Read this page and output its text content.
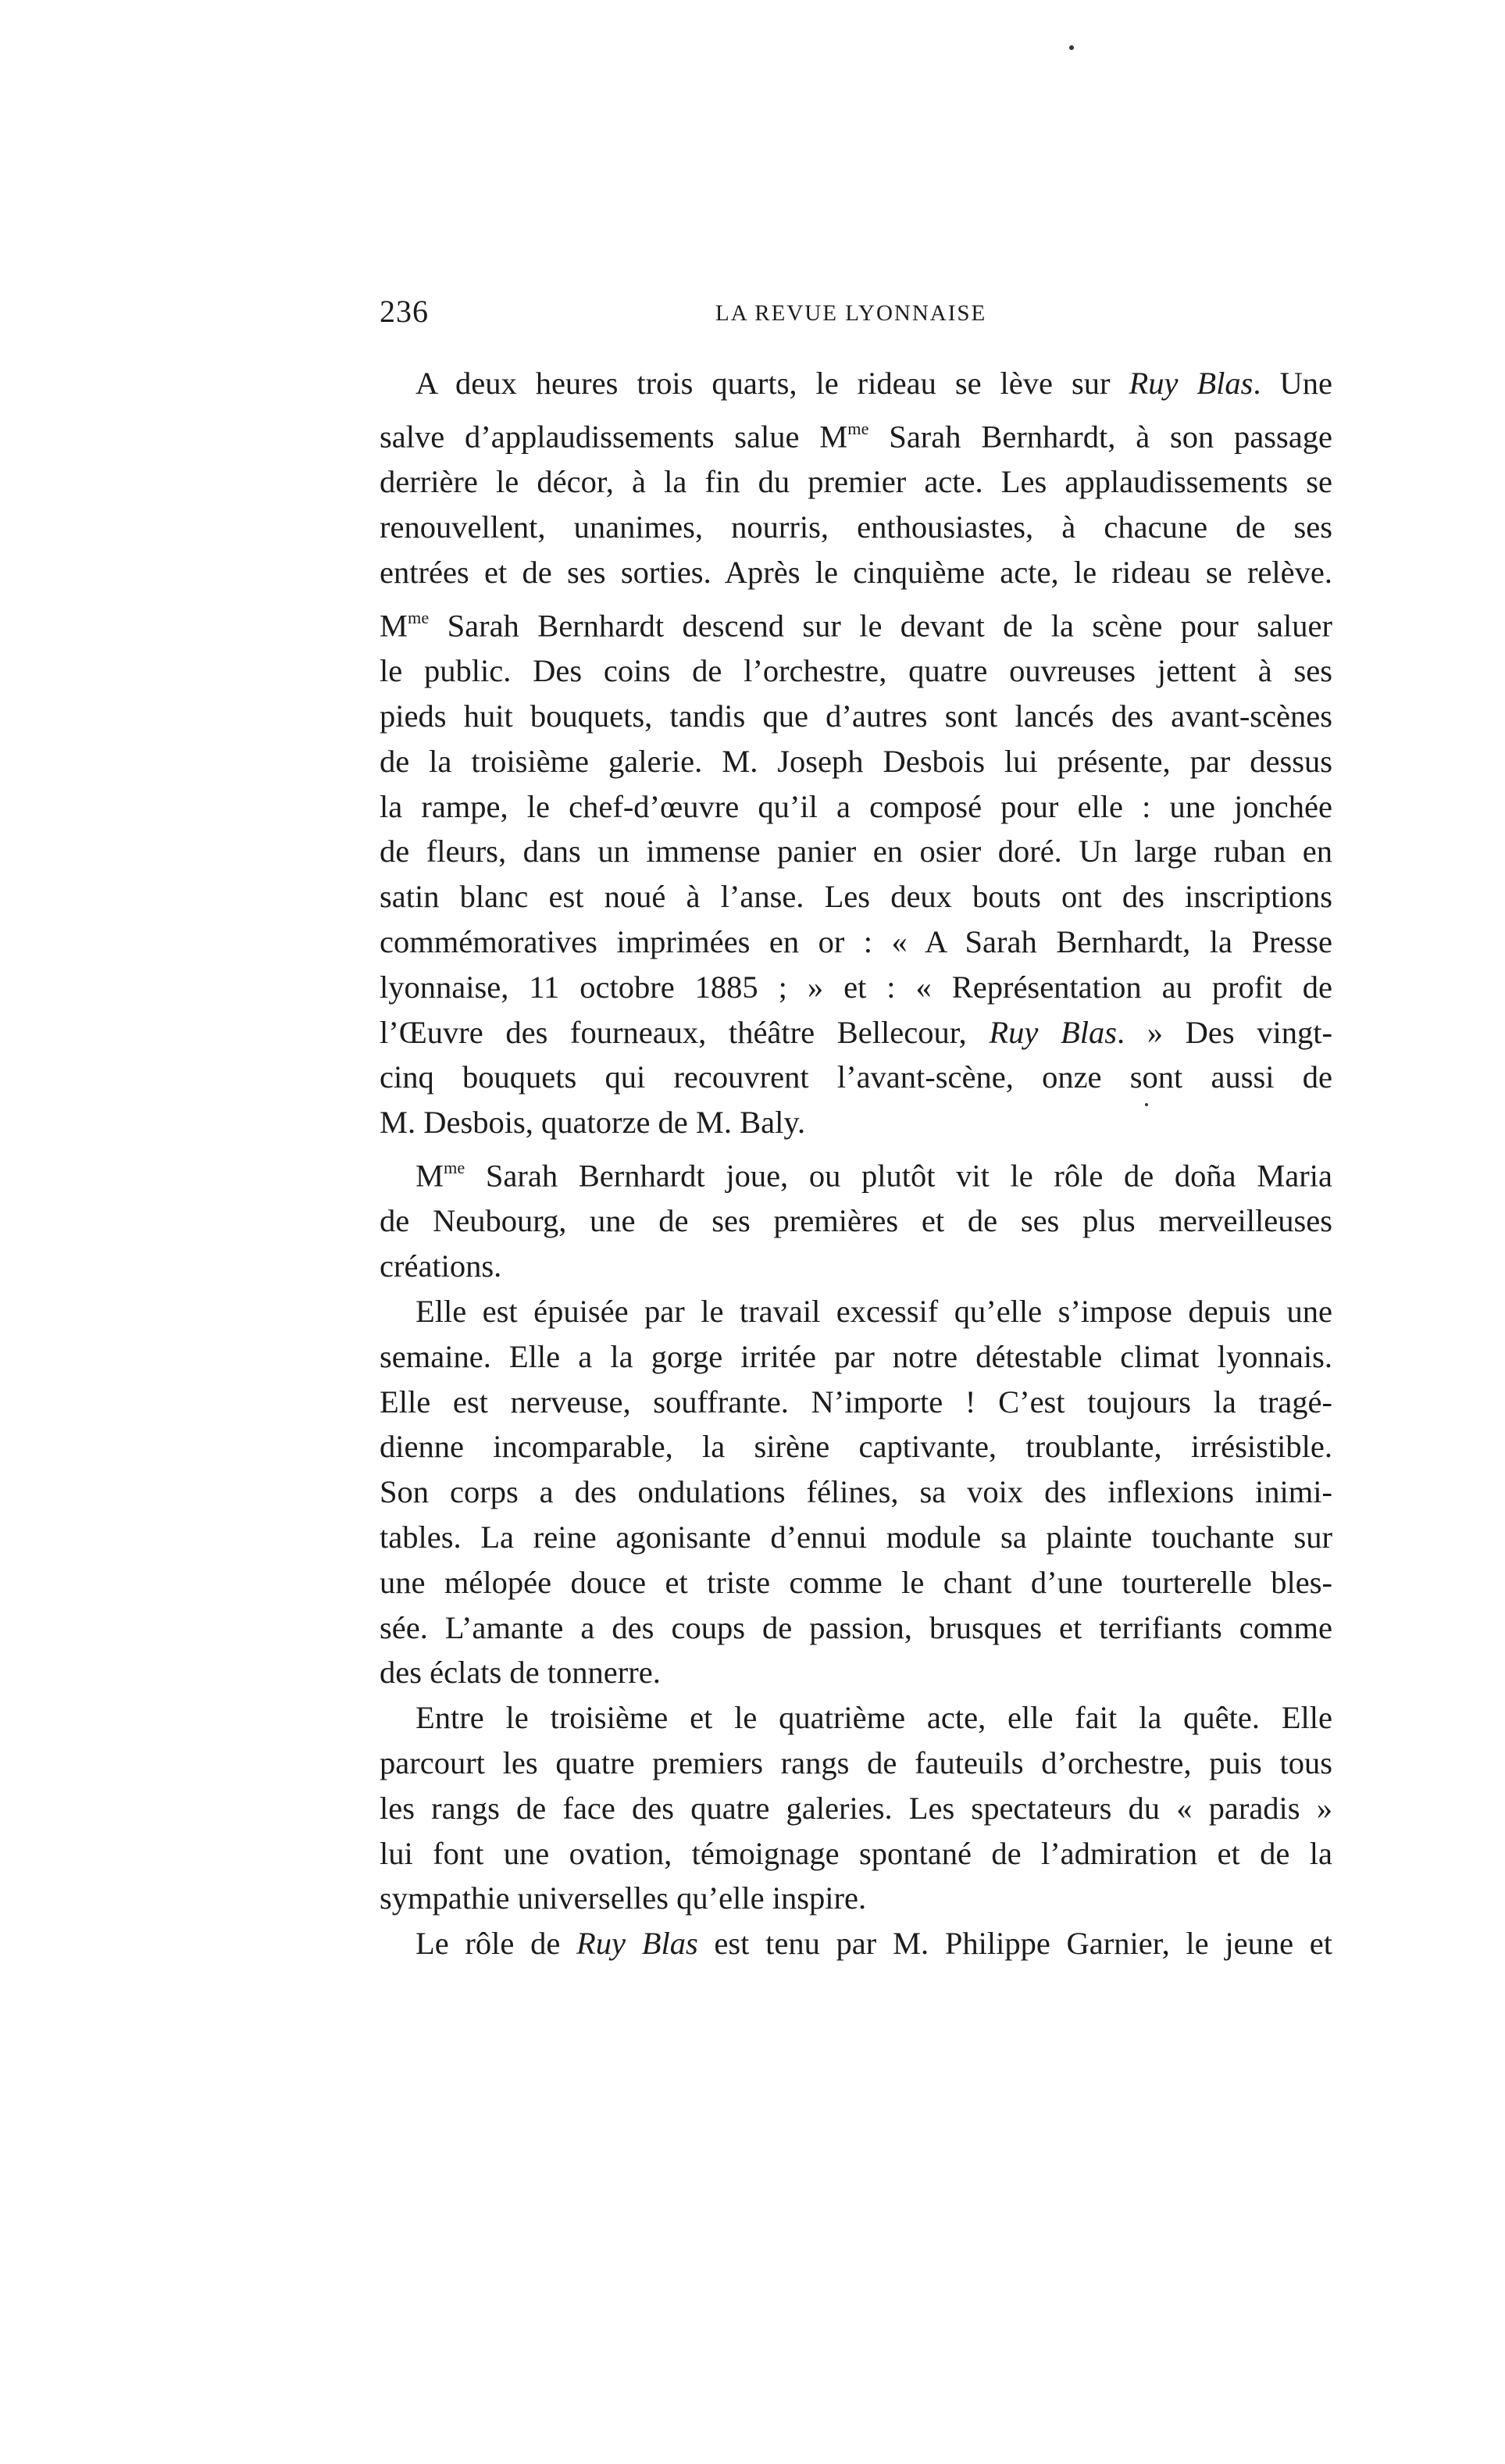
236	LA REVUE LYONNAISE
A deux heures trois quarts, le rideau se lève sur Ruy Blas. Une
salve d’applaudissements salue $M^{me}$ Sarah Bernhardt, à son passage
derrière le décor, à la fin du premier acte. Les applaudissements se
renouvellent, unanimes, nourris, enthousiastes, à chacune de ses
entrées et de ses sorties. Après le cinquième acte, le rideau se relève.
$M^{me}$ Sarah Bernhardt descend sur le devant de la scène pour saluer
le public. Des coins de l’orchestre, quatre ouvreuses jettent à ses
pieds huit bouquets, tandis que d’autres sont lancés des avant-scènes
de la troisième galerie. M. Joseph Desbois lui présente, par dessus
la rampe, le chef-d’œuvre qu’il a composé pour elle : une jonchée
de fleurs, dans un immense panier en osier doré. Un large ruban en
satin blanc est noué à l’anse. Les deux bouts ont des inscriptions
commémoratives imprimées en or : « A Sarah Bernhardt, la Presse
lyonnaise, 11 octobre 1885 ; » et : « Représentation au profit de
l’Œuvre des fourneaux, théâtre Bellecour, Ruy Blas. » Des vingt-
cinq bouquets qui recouvrent l’avant-scène, onze sont aussi de
M. Desbois, quatorze de M. Baly.
$M^{me}$ Sarah Bernhardt joue, ou plutôt vit le rôle de doña Maria
de Neubourg, une de ses premières et de ses plus merveilleuses
créations.
Elle est épuisée par le travail excessif qu’elle s’impose depuis une
semaine. Elle a la gorge irritée par notre détestable climat lyonnais.
Elle est nerveuse, souffrante. N’importe ! C’est toujours la tragé-
dienne incomparable, la sirène captivante, troublante, irrésistible.
Son corps a des ondulations félines, sa voix des inflexions inimi-
tables. La reine agonisante d’ennui module sa plainte touchante sur
une mélopée douce et triste comme le chant d’une tourterelle bles-
sée. L’amante a des coups de passion, brusques et terrifiants comme
des éclats de tonnerre.
Entre le troisième et le quatrième acte, elle fait la quête. Elle
parcourt les quatre premiers rangs de fauteuils d’orchestre, puis tous
les rangs de face des quatre galeries. Les spectateurs du « paradis »
lui font une ovation, témoignage spontané de l’admiration et de la
sympathie universelles qu’elle inspire.
Le rôle de Ruy Blas est tenu par M. Philippe Garnier, le jeune et
